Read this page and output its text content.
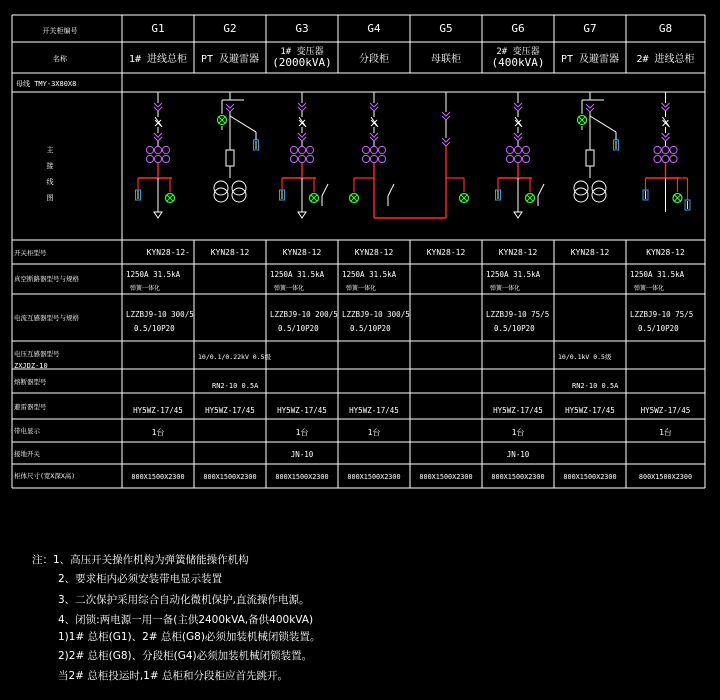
开关柜编号
名称
母线 TMY-3X80X8
主
接
线
图
G1
1# 进线总柜
G2
PT 及避雷器
G3
1# 变压器
(2000kVA)
G4
分段柜
G5
母联柜
G6
2# 变压器
(400kVA)
G7
PT 及避雷器
G8
2# 进线总柜
开关柜型号
真空断路器型号与规格
电流互感器型号与规格
电压互感器型号
ZXJDZ-10
熔断器型号
避雷器型号
带电显示
接地开关
柜体尺寸(宽X深X高)
KYN28-12-
1250A 31.5kA
弹簧一体化
LZZBJ9-10 300/5
0.5/10P20
HY5WZ-17/45
1台
800X1500X2300
KYN28-12
10/0.1/0.22kV 0.5级
RN2-10 0.5A
HY5WZ-17/45
800X1500X2300
KYN28-12
1250A 31.5kA
弹簧一体化
LZZBJ9-10 200/5
0.5/10P20
HY5WZ-17/45
1台
JN-10
800X1500X2300
KYN28-12
1250A 31.5kA
弹簧一体化
LZZBJ9-10 300/5
0.5/10P20
HY5WZ-17/45
1台
800X1500X2300
KYN28-12
800X1500X2300
KYN28-12
1250A 31.5kA
弹簧一体化
LZZBJ9-10 75/5
0.5/10P20
HY5WZ-17/45
1台
JN-10
800X1500X2300
KYN28-12
10/0.1kV 0.5级
RN2-10 0.5A
HY5WZ-17/45
800X1500X2300
KYN28-12
1250A 31.5kA
弹簧一体化
LZZBJ9-10 75/5
0.5/10P20
HY5WZ-17/45
1台
800X1500X2300
注：1、高压开关操作机构为弹簧储能操作机构
2、要求柜内必须安装带电显示装置
3、二次保护采用综合自动化微机保护,直流操作电源。
4、闭锁:两电源一用一备(主供2400kVA,备供400kVA)
1)1# 总柜(G1)、2# 总柜(G8)必须加装机械闭锁装置。
2)2# 总柜(G8)、分段柜(G4)必须加装机械闭锁装置。
当2# 总柜投运时,1# 总柜和分段柜应首先跳开。
